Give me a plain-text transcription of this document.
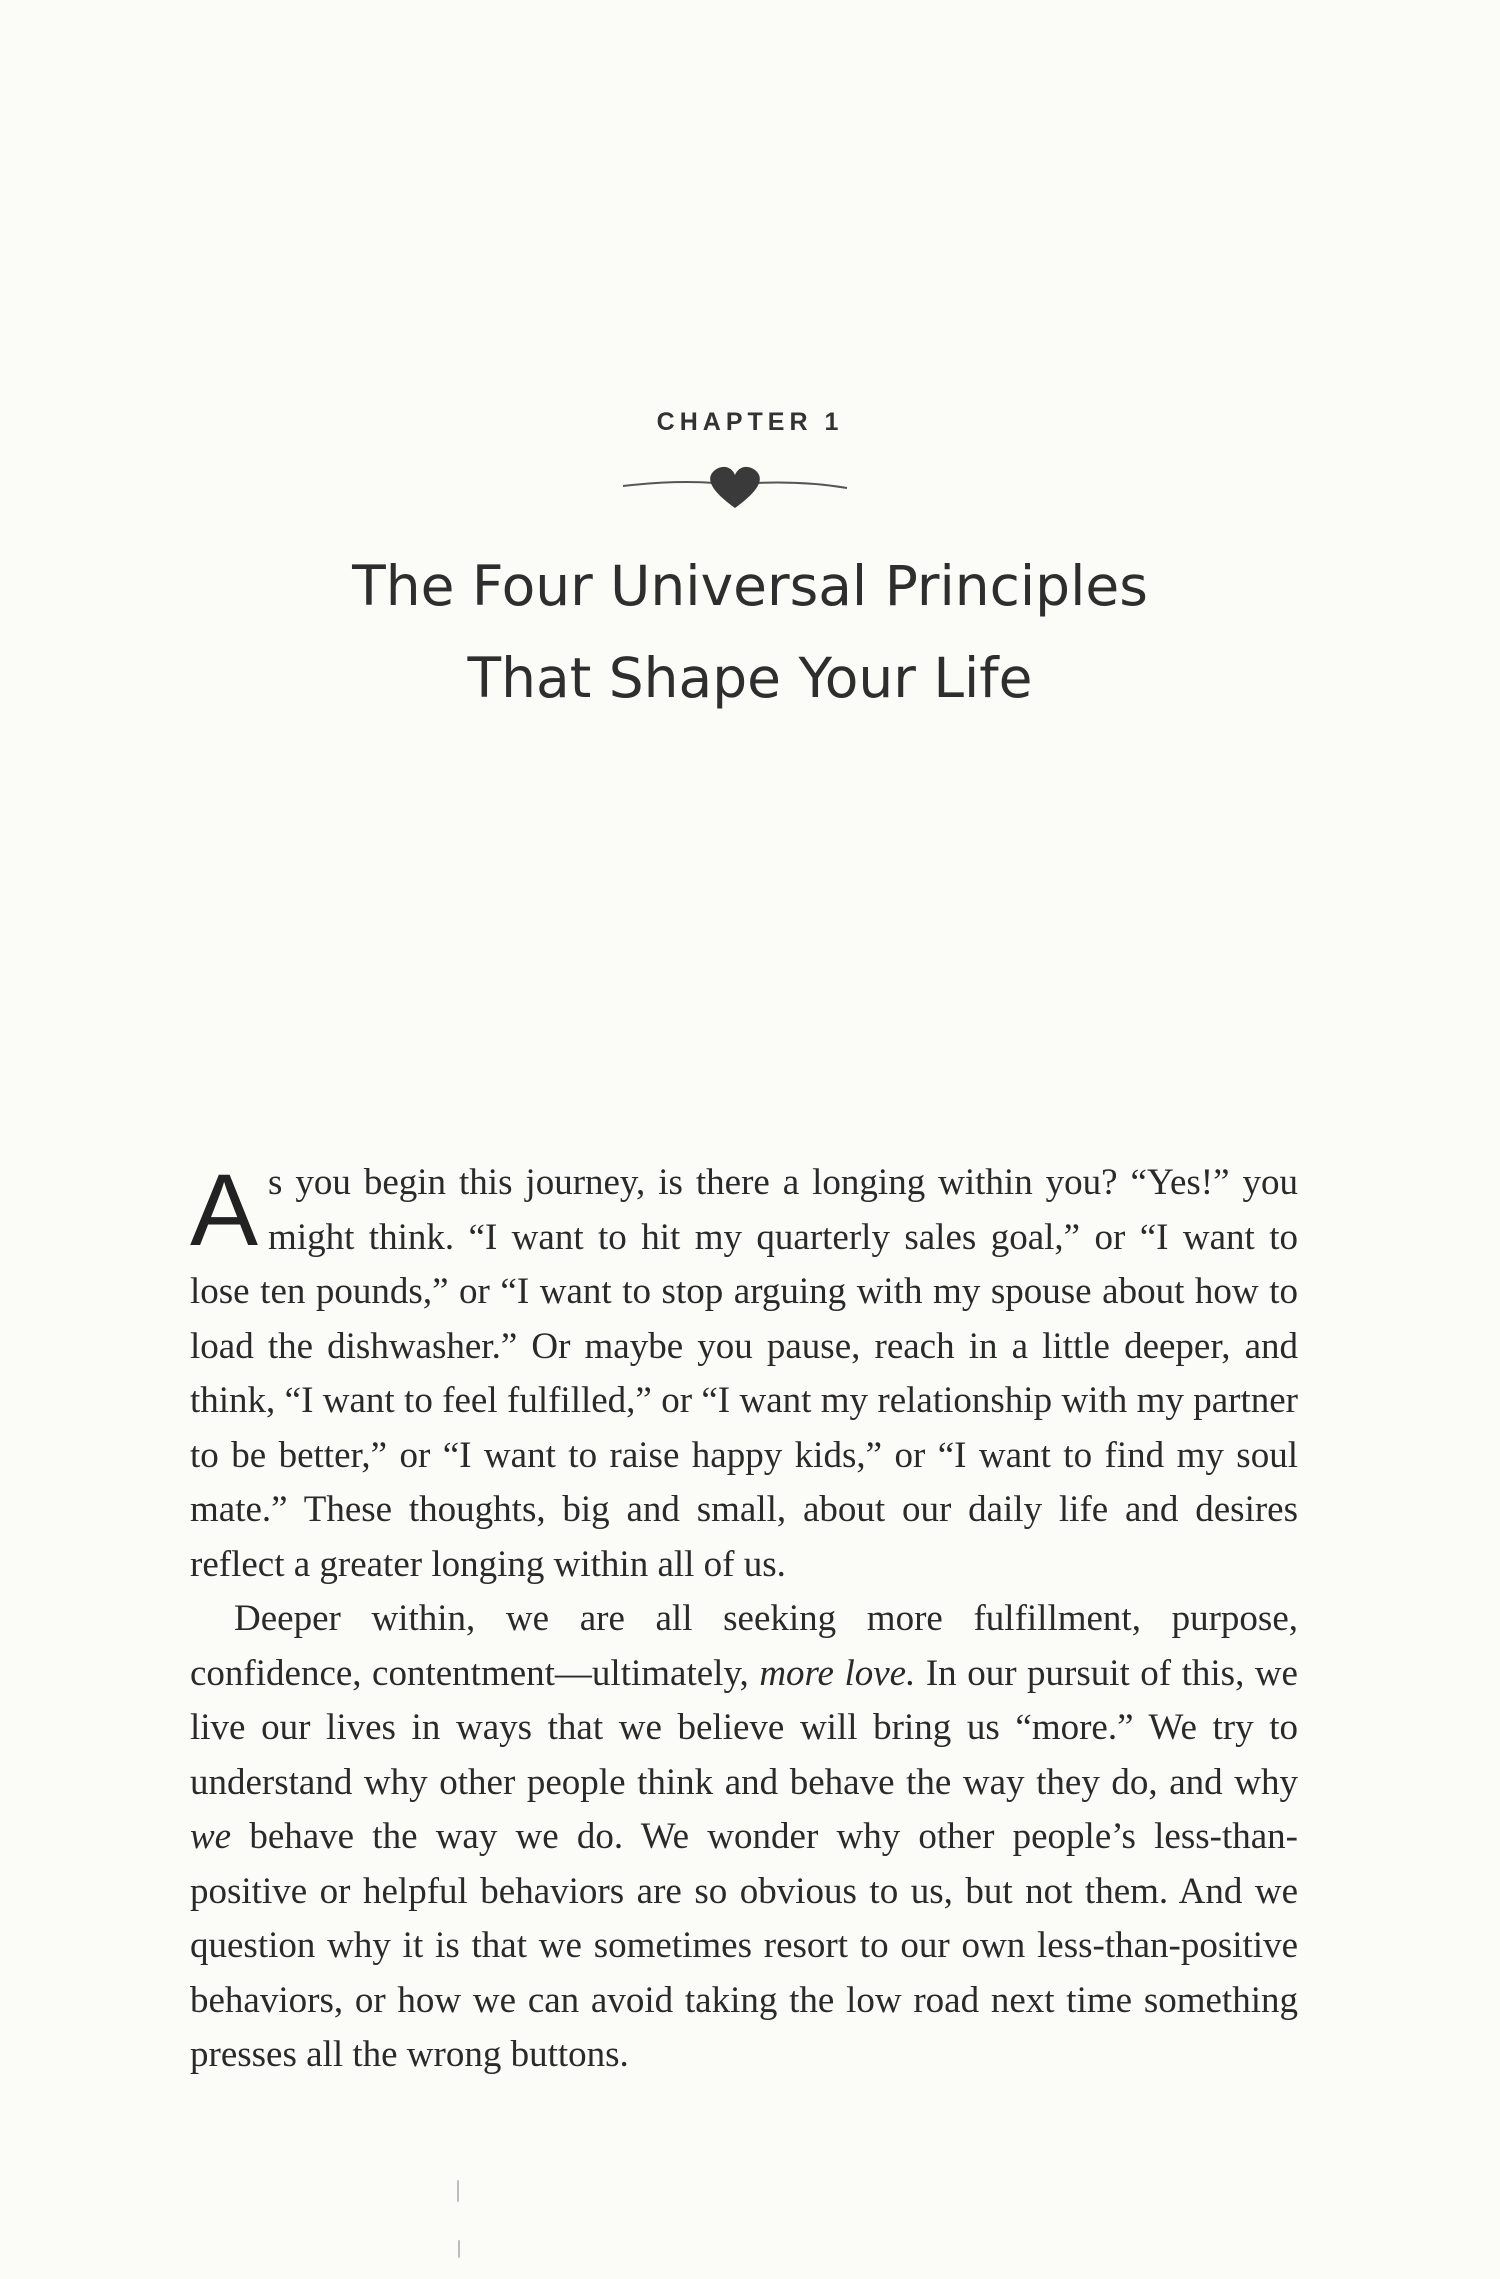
CHAPTER 1
The Four Universal Principles
That Shape Your Life

As you begin this journey, is there a longing within you? “Yes!” you might think. “I want to hit my quarterly sales goal,” or “I want to lose ten pounds,” or “I want to stop arguing with my spouse about how to load the dishwasher.” Or maybe you pause, reach in a little deeper, and think, “I want to feel fulfilled,” or “I want my relationship with my partner to be better,” or “I want to raise happy kids,” or “I want to find my soul mate.” These thoughts, big and small, about our daily life and desires reflect a greater longing within all of us.

Deeper within, we are all seeking more fulfillment, purpose, confidence, contentment—ultimately, more love. In our pursuit of this, we live our lives in ways that we believe will bring us “more.” We try to understand why other people think and behave the way they do, and why we behave the way we do. We wonder why other people’s less-than-positive or helpful behaviors are so obvious to us, but not them. And we question why it is that we sometimes resort to our own less-than-positive behaviors, or how we can avoid taking the low road next time something presses all the wrong buttons.
